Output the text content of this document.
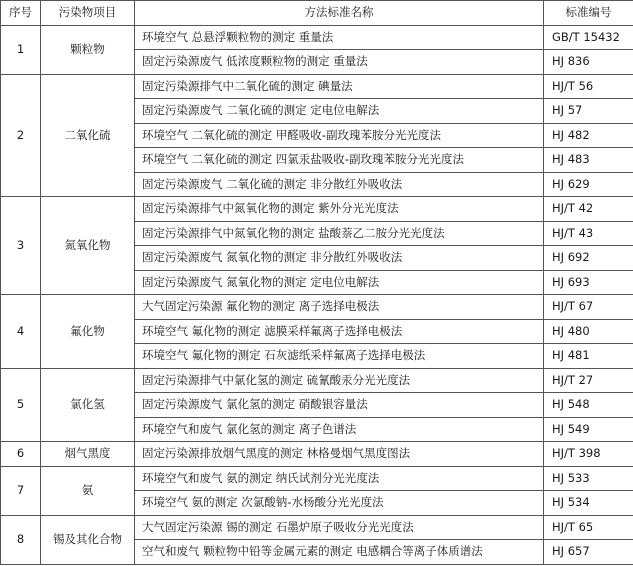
序号	污染物项目	方法标准名称	标准编号
1	颗粒物	环境空气 总悬浮颗粒物的测定 重量法	GB/T 15432
		固定污染源废气 低浓度颗粒物的测定 重量法	HJ 836
2	二氧化硫	固定污染源排气中二氧化硫的测定 碘量法	HJ/T 56
		固定污染源废气 二氧化硫的测定 定电位电解法	HJ 57
		环境空气 二氧化硫的测定 甲醛吸收-副玫瑰苯胺分光光度法	HJ 482
		环境空气 二氧化硫的测定 四氯汞盐吸收-副玫瑰苯胺分光光度法	HJ 483
		固定污染源废气 二氧化硫的测定 非分散红外吸收法	HJ 629
3	氮氧化物	固定污染源排气中氮氧化物的测定 紫外分光光度法	HJ/T 42
		固定污染源排气中氮氧化物的测定 盐酸萘乙二胺分光光度法	HJ/T 43
		固定污染源废气 氮氧化物的测定 非分散红外吸收法	HJ 692
		固定污染源废气 氮氧化物的测定 定电位电解法	HJ 693
4	氟化物	大气固定污染源 氟化物的测定 离子选择电极法	HJ/T 67
		环境空气 氟化物的测定 滤膜采样氟离子选择电极法	HJ 480
		环境空气 氟化物的测定 石灰滤纸采样氟离子选择电极法	HJ 481
5	氯化氢	固定污染源排气中氯化氢的测定 硫氰酸汞分光光度法	HJ/T 27
		固定污染源废气 氯化氢的测定 硝酸银容量法	HJ 548
		环境空气和废气 氯化氢的测定 离子色谱法	HJ 549
6	烟气黑度	固定污染源排放烟气黑度的测定 林格曼烟气黑度图法	HJ/T 398
7	氨	环境空气和废气 氨的测定 纳氏试剂分光光度法	HJ 533
		环境空气 氨的测定 次氯酸钠-水杨酸分光光度法	HJ 534
8	锡及其化合物	大气固定污染源 锡的测定 石墨炉原子吸收分光光度法	HJ/T 65
		空气和废气 颗粒物中铅等金属元素的测定 电感耦合等离子体质谱法	HJ 657
